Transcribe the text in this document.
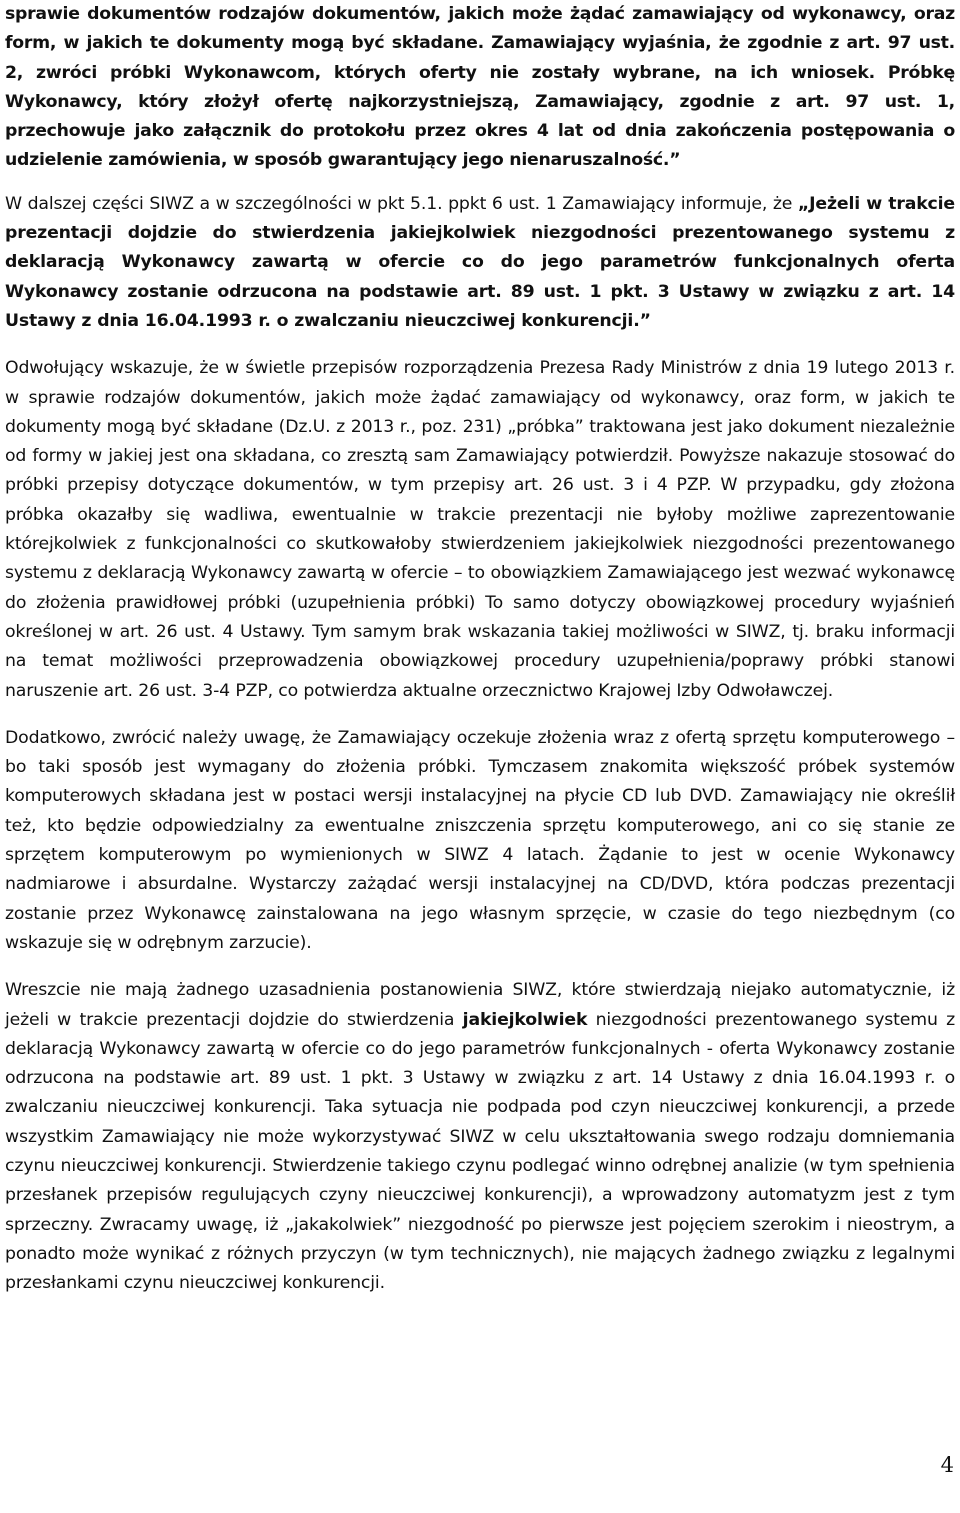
sprawie dokumentów rodzajów dokumentów, jakich może żądać zamawiający od wykonawcy, oraz form, w jakich te dokumenty mogą być składane. Zamawiający wyjaśnia, że zgodnie z art. 97 ust. 2, zwróci próbki Wykonawcom, których oferty nie zostały wybrane, na ich wniosek. Próbkę Wykonawcy, który złożył ofertę najkorzystniejszą, Zamawiający, zgodnie z art. 97 ust. 1, przechowuje jako załącznik do protokołu przez okres 4 lat od dnia zakończenia postępowania o udzielenie zamówienia, w sposób gwarantujący jego nienaruszalność.”

W dalszej części SIWZ a w szczególności w pkt 5.1. ppkt 6 ust. 1 Zamawiający informuje, że „Jeżeli w trakcie prezentacji dojdzie do stwierdzenia jakiejkolwiek niezgodności prezentowanego systemu z deklaracją Wykonawcy zawartą w ofercie co do jego parametrów funkcjonalnych oferta Wykonawcy zostanie odrzucona na podstawie art. 89 ust. 1 pkt. 3 Ustawy w związku z art. 14 Ustawy z dnia 16.04.1993 r. o zwalczaniu nieuczciwej konkurencji.”

Odwołujący wskazuje, że w świetle przepisów rozporządzenia Prezesa Rady Ministrów z dnia 19 lutego 2013 r. w sprawie rodzajów dokumentów, jakich może żądać zamawiający od wykonawcy, oraz form, w jakich te dokumenty mogą być składane (Dz.U. z 2013 r., poz. 231) „próbka” traktowana jest jako dokument niezależnie od formy w jakiej jest ona składana, co zresztą sam Zamawiający potwierdził. Powyższe nakazuje stosować do próbki przepisy dotyczące dokumentów, w tym przepisy art. 26 ust. 3 i 4 PZP. W przypadku, gdy złożona próbka okazałby się wadliwa, ewentualnie w trakcie prezentacji nie byłoby możliwe zaprezentowanie którejkolwiek z funkcjonalności co skutkowałoby stwierdzeniem jakiejkolwiek niezgodności prezentowanego systemu z deklaracją Wykonawcy zawartą w ofercie – to obowiązkiem Zamawiającego jest wezwać wykonawcę do złożenia prawidłowej próbki (uzupełnienia próbki) To samo dotyczy obowiązkowej procedury wyjaśnień określonej w art. 26 ust. 4 Ustawy. Tym samym brak wskazania takiej możliwości w SIWZ, tj. braku informacji na temat możliwości przeprowadzenia obowiązkowej procedury uzupełnienia/poprawy próbki stanowi naruszenie art. 26 ust. 3-4 PZP, co potwierdza aktualne orzecznictwo Krajowej Izby Odwoławczej.

Dodatkowo, zwrócić należy uwagę, że Zamawiający oczekuje złożenia wraz z ofertą sprzętu komputerowego – bo taki sposób jest wymagany do złożenia próbki. Tymczasem znakomita większość próbek systemów komputerowych składana jest w postaci wersji instalacyjnej na płycie CD lub DVD. Zamawiający nie określił też, kto będzie odpowiedzialny za ewentualne zniszczenia sprzętu komputerowego, ani co się stanie ze sprzętem komputerowym po wymienionych w SIWZ 4 latach. Żądanie to jest w ocenie Wykonawcy nadmiarowe i absurdalne. Wystarczy zażądać wersji instalacyjnej na CD/DVD, która podczas prezentacji zostanie przez Wykonawcę zainstalowana na jego własnym sprzęcie, w czasie do tego niezbędnym (co wskazuje się w odrębnym zarzucie).

Wreszcie nie mają żadnego uzasadnienia postanowienia SIWZ, które stwierdzają niejako automatycznie, iż jeżeli w trakcie prezentacji dojdzie do stwierdzenia jakiejkolwiek niezgodności prezentowanego systemu z deklaracją Wykonawcy zawartą w ofercie co do jego parametrów funkcjonalnych - oferta Wykonawcy zostanie odrzucona na podstawie art. 89 ust. 1 pkt. 3 Ustawy w związku z art. 14 Ustawy z dnia 16.04.1993 r. o zwalczaniu nieuczciwej konkurencji. Taka sytuacja nie podpada pod czyn nieuczciwej konkurencji, a przede wszystkim Zamawiający nie może wykorzystywać SIWZ w celu ukształtowania swego rodzaju domniemania czynu nieuczciwej konkurencji. Stwierdzenie takiego czynu podlegać winno odrębnej analizie (w tym spełnienia przesłanek przepisów regulujących czyny nieuczciwej konkurencji), a wprowadzony automatyzm jest z tym sprzeczny. Zwracamy uwagę, iż „jakakolwiek” niezgodność po pierwsze jest pojęciem szerokim i nieostrym, a ponadto może wynikać z różnych przyczyn (w tym technicznych), nie mających żadnego związku z legalnymi przesłankami czynu nieuczciwej konkurencji.

4
